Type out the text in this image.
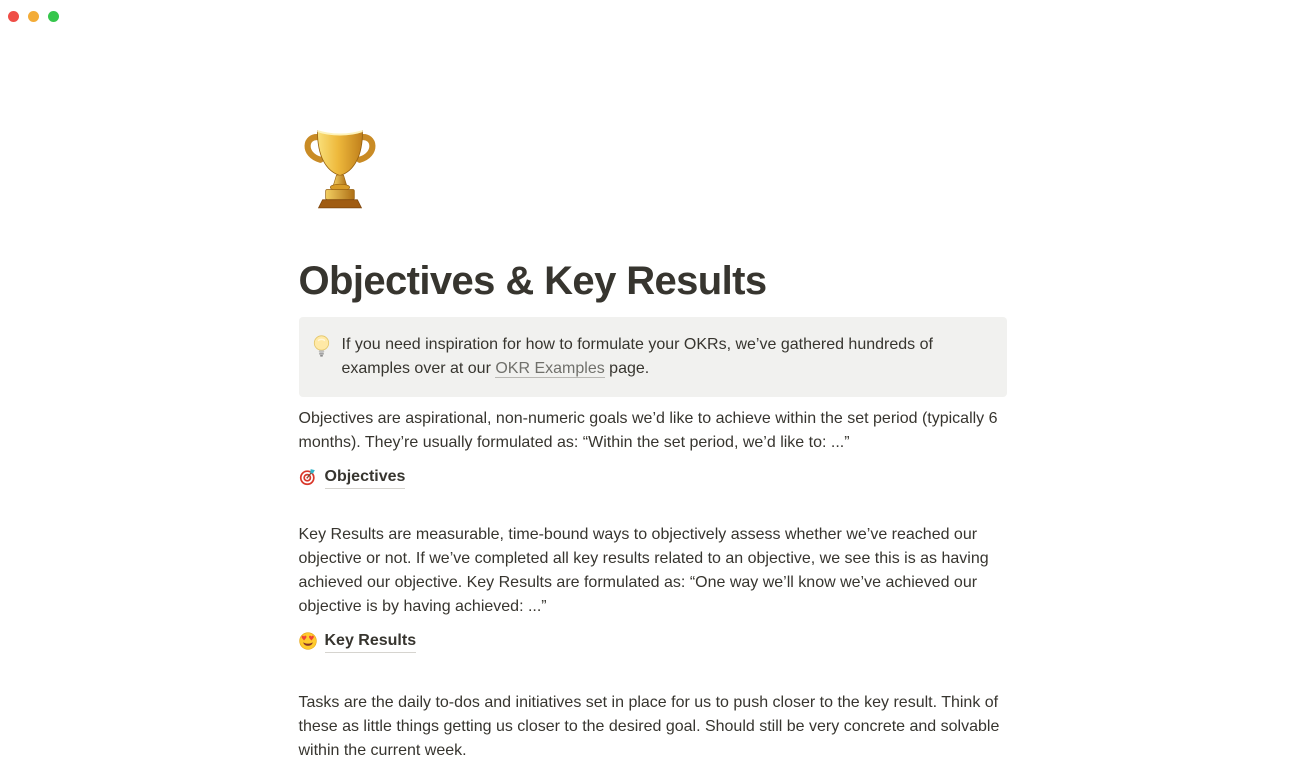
Objectives & Key Results
If you need inspiration for how to formulate your OKRs, we’ve gathered hundreds of examples over at our OKR Examples page.

Objectives are aspirational, non-numeric goals we’d like to achieve within the set period (typically 6 months). They’re usually formulated as: “Within the set period, we’d like to: ...”

Objectives

Key Results are measurable, time-bound ways to objectively assess whether we’ve reached our objective or not. If we’ve completed all key results related to an objective, we see this is as having achieved our objective. Key Results are formulated as: “One way we’ll know we’ve achieved our objective is by having achieved: ...”

♥ ♥ Key Results

Tasks are the daily to-dos and initiatives set in place for us to push closer to the key result. Think of these as little things getting us closer to the desired goal. Should still be very concrete and solvable within the current week.
